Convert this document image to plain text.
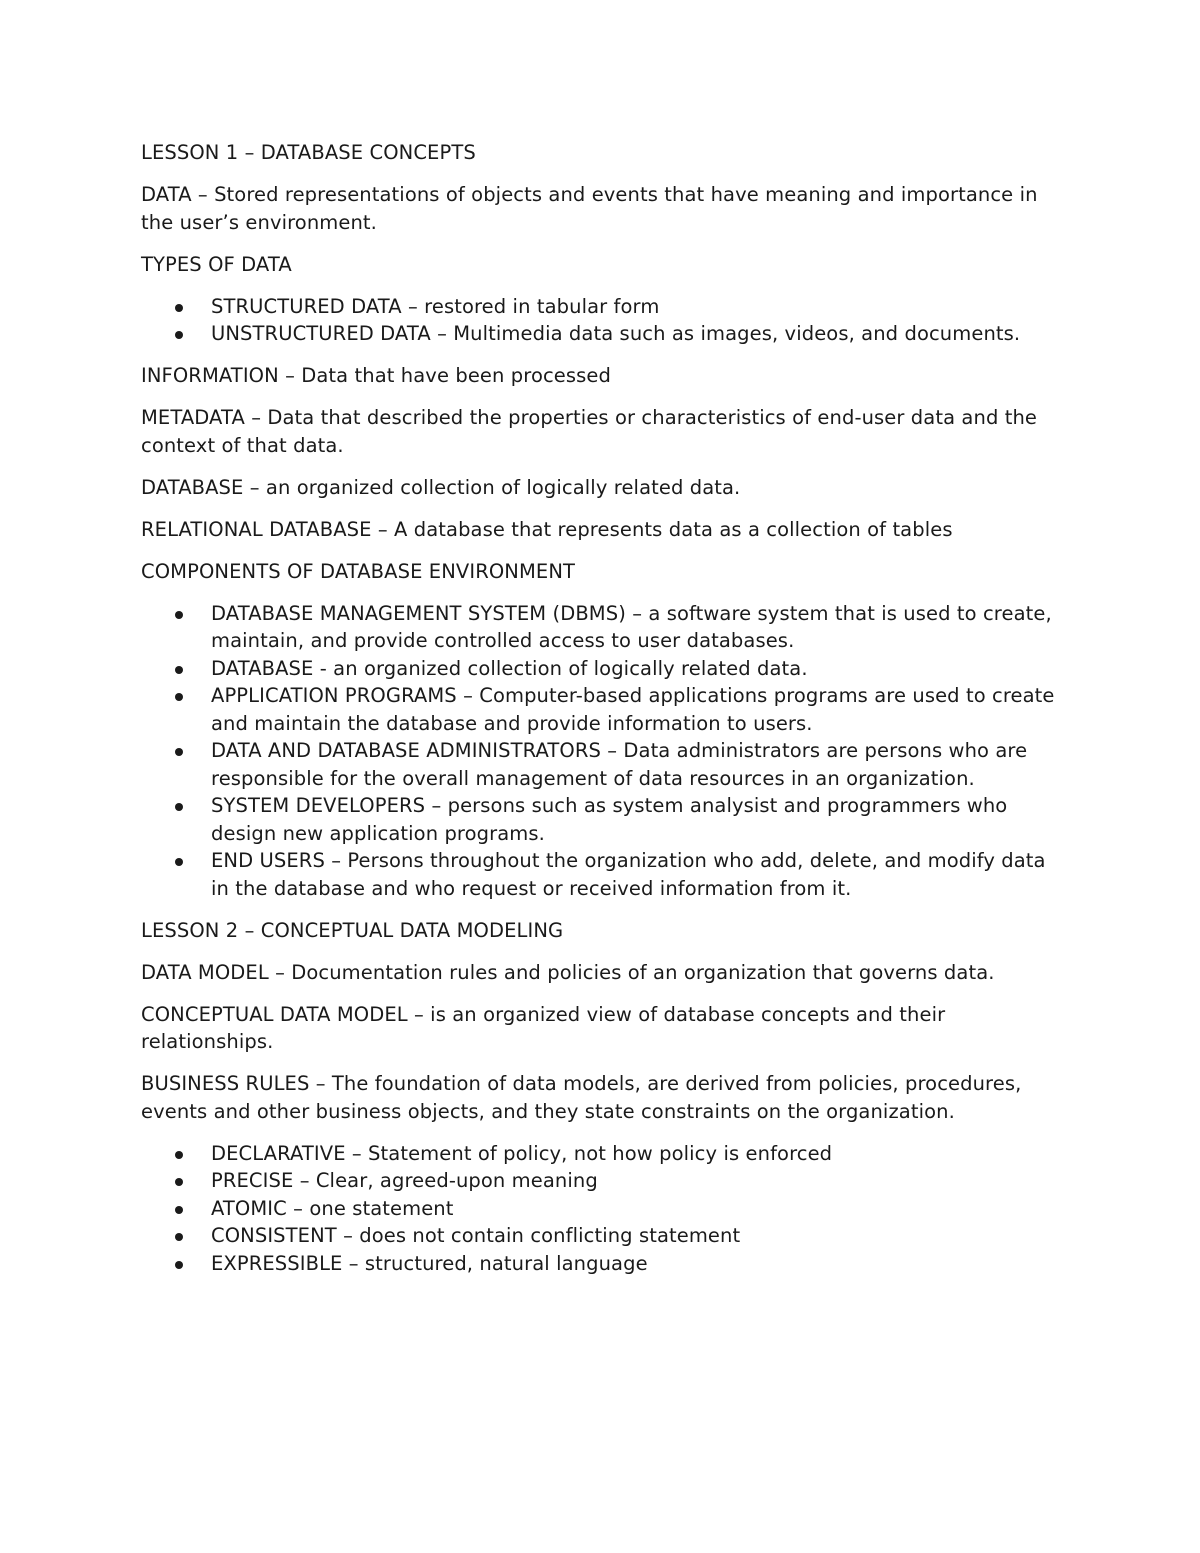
LESSON 1 – DATABASE CONCEPTS

DATA – Stored representations of objects and events that have meaning and importance in the user’s environment.

TYPES OF DATA

STRUCTURED DATA – restored in tabular form
UNSTRUCTURED DATA – Multimedia data such as images, videos, and documents.

INFORMATION – Data that have been processed

METADATA – Data that described the properties or characteristics of end-user data and the context of that data.

DATABASE – an organized collection of logically related data.

RELATIONAL DATABASE – A database that represents data as a collection of tables

COMPONENTS OF DATABASE ENVIRONMENT

DATABASE MANAGEMENT SYSTEM (DBMS) – a software system that is used to create, maintain, and provide controlled access to user databases.
DATABASE - an organized collection of logically related data.
APPLICATION PROGRAMS – Computer-based applications programs are used to create and maintain the database and provide information to users.
DATA AND DATABASE ADMINISTRATORS – Data administrators are persons who are responsible for the overall management of data resources in an organization.
SYSTEM DEVELOPERS – persons such as system analysist and programmers who design new application programs.
END USERS – Persons throughout the organization who add, delete, and modify data in the database and who request or received information from it.

LESSON 2 – CONCEPTUAL DATA MODELING

DATA MODEL – Documentation rules and policies of an organization that governs data.

CONCEPTUAL DATA MODEL – is an organized view of database concepts and their relationships.

BUSINESS RULES – The foundation of data models, are derived from policies, procedures, events and other business objects, and they state constraints on the organization.

DECLARATIVE – Statement of policy, not how policy is enforced
PRECISE – Clear, agreed-upon meaning
ATOMIC – one statement
CONSISTENT – does not contain conflicting statement
EXPRESSIBLE – structured, natural language
